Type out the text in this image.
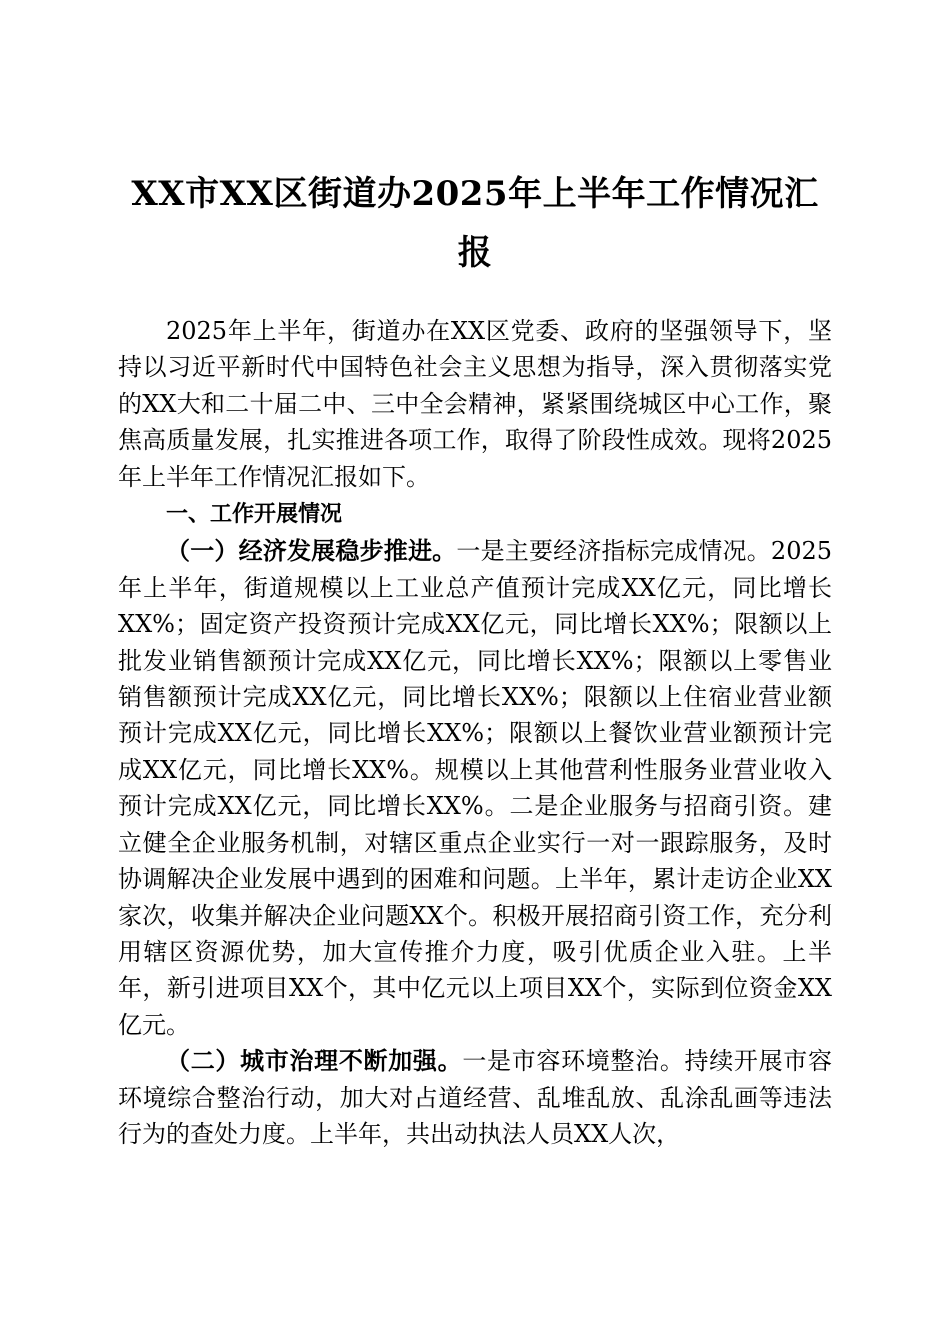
XX市XX区街道办2025年上半年工作情况汇
报

2025年上半年，街道办在XX区党委、政府的坚强领导下，坚持以习近平新时代中国特色社会主义思想为指导，深入贯彻落实党的XX大和二十届二中、三中全会精神，紧紧围绕城区中心工作，聚焦高质量发展，扎实推进各项工作，取得了阶段性成效。现将2025年上半年工作情况汇报如下。

一、工作开展情况

（一）经济发展稳步推进。一是主要经济指标完成情况。2025年上半年，街道规模以上工业总产值预计完成XX亿元，同比增长XX%；固定资产投资预计完成XX亿元，同比增长XX%；限额以上批发业销售额预计完成XX亿元，同比增长XX%；限额以上零售业销售额预计完成XX亿元，同比增长XX%；限额以上住宿业营业额预计完成XX亿元，同比增长XX%；限额以上餐饮业营业额预计完成XX亿元，同比增长XX%。规模以上其他营利性服务业营业收入预计完成XX亿元，同比增长XX%。二是企业服务与招商引资。建立健全企业服务机制，对辖区重点企业实行一对一跟踪服务，及时协调解决企业发展中遇到的困难和问题。上半年，累计走访企业XX家次，收集并解决企业问题XX个。积极开展招商引资工作，充分利用辖区资源优势，加大宣传推介力度，吸引优质企业入驻。上半年，新引进项目XX个，其中亿元以上项目XX个，实际到位资金XX亿元。

（二）城市治理不断加强。一是市容环境整治。持续开展市容环境综合整治行动，加大对占道经营、乱堆乱放、乱涂乱画等违法行为的查处力度。上半年，共出动执法人员XX人次，
